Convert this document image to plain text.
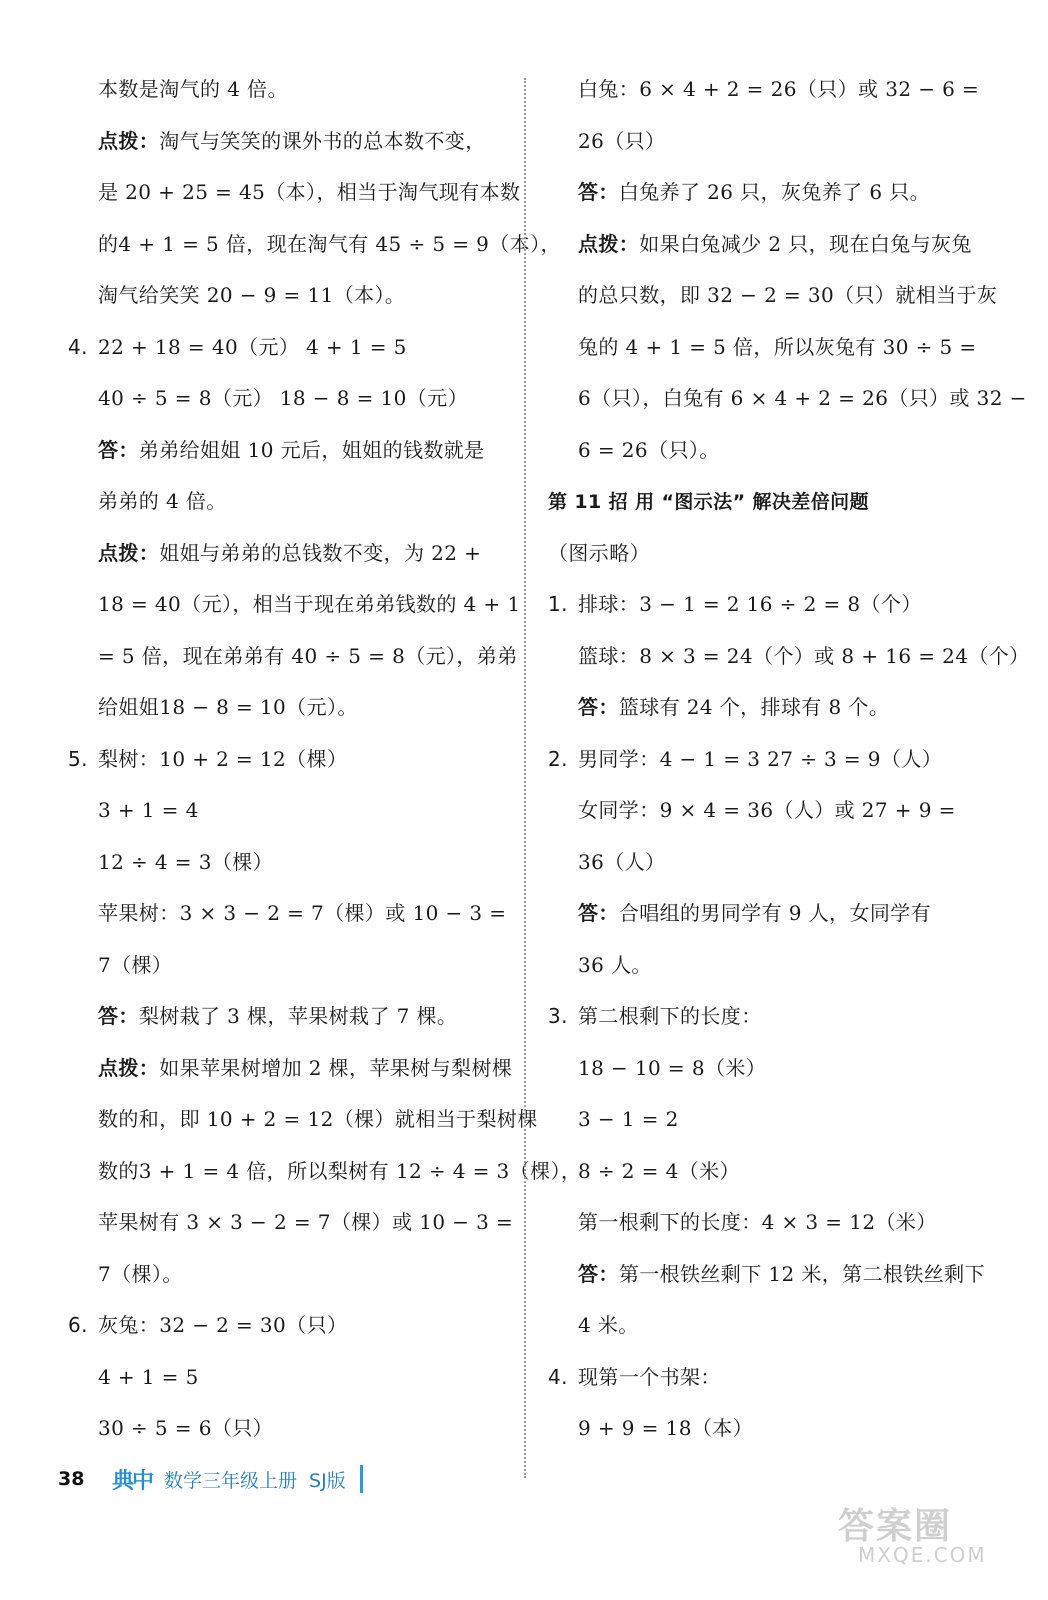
本数是淘气的 4 倍。
点拨：淘气与笑笑的课外书的总本数不变，
是 20 + 25 = 45（本），相当于淘气现有本数
的4 + 1 = 5 倍，现在淘气有 45 ÷ 5 = 9（本），
淘气给笑笑 20 − 9 = 11（本）。
4. 22 + 18 = 40（元） 4 + 1 = 5
40 ÷ 5 = 8（元） 18 − 8 = 10（元）
答：弟弟给姐姐 10 元后，姐姐的钱数就是
弟弟的 4 倍。
点拨：姐姐与弟弟的总钱数不变，为 22 +
18 = 40（元），相当于现在弟弟钱数的 4 + 1
= 5 倍，现在弟弟有 40 ÷ 5 = 8（元），弟弟
给姐姐18 − 8 = 10（元）。
5. 梨树：10 + 2 = 12（棵）
3 + 1 = 4
12 ÷ 4 = 3（棵）
苹果树：3 × 3 − 2 = 7（棵）或 10 − 3 =
7（棵）
答：梨树栽了 3 棵，苹果树栽了 7 棵。
点拨：如果苹果树增加 2 棵，苹果树与梨树棵
数的和，即 10 + 2 = 12（棵）就相当于梨树棵
数的3 + 1 = 4 倍，所以梨树有 12 ÷ 4 = 3（棵），
苹果树有 3 × 3 − 2 = 7（棵）或 10 − 3 =
7（棵）。
6. 灰兔：32 − 2 = 30（只）
4 + 1 = 5
30 ÷ 5 = 6（只）
白兔：6 × 4 + 2 = 26（只）或 32 − 6 =
26（只）
答：白兔养了 26 只，灰兔养了 6 只。
点拨：如果白兔减少 2 只，现在白兔与灰兔
的总只数，即 32 − 2 = 30（只）就相当于灰
兔的 4 + 1 = 5 倍，所以灰兔有 30 ÷ 5 =
6（只），白兔有 6 × 4 + 2 = 26（只）或 32 −
6 = 26（只）。
第 11 招 用 “图示法” 解决差倍问题
（图示略）
1. 排球：3 − 1 = 2 16 ÷ 2 = 8（个）
篮球：8 × 3 = 24（个）或 8 + 16 = 24（个）
答：篮球有 24 个，排球有 8 个。
2. 男同学：4 − 1 = 3 27 ÷ 3 = 9（人）
女同学：9 × 4 = 36（人）或 27 + 9 =
36（人）
答：合唱组的男同学有 9 人，女同学有
36 人。
3. 第二根剩下的长度：
18 − 10 = 8（米）
3 − 1 = 2
8 ÷ 2 = 4（米）
第一根剩下的长度：4 × 3 = 12（米）
答：第一根铁丝剩下 12 米，第二根铁丝剩下
4 米。
4. 现第一个书架：
9 + 9 = 18（本）
38	典中 数学三年级上册 SJ版
答案圈
MXQE.COM
